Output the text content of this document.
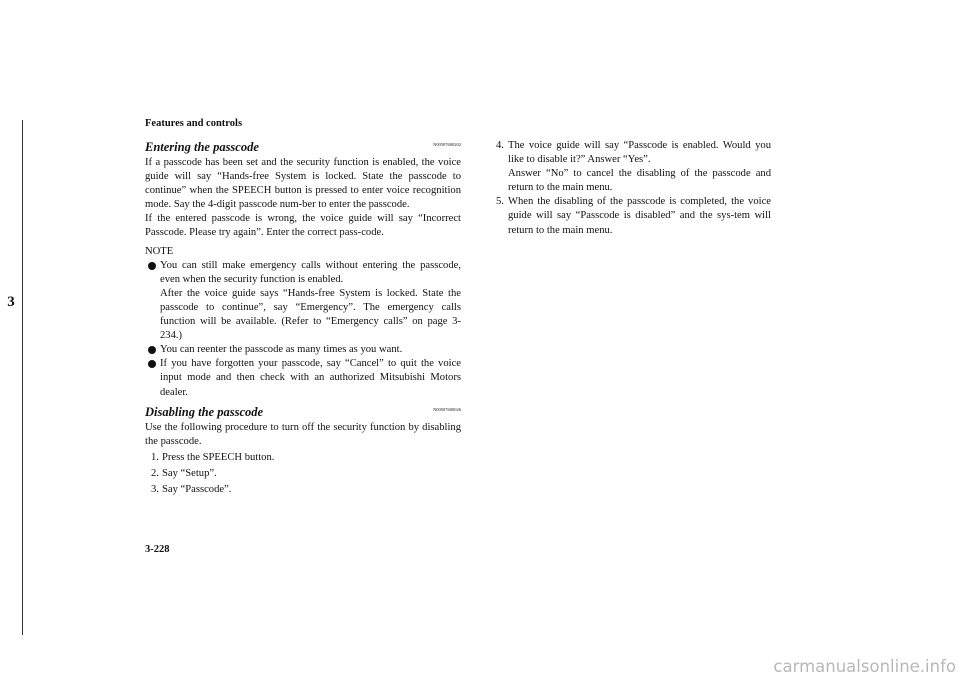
Features and controls
3
Entering the passcode	N00507600202

If a passcode has been set and the security function is enabled, the voice guide will say “Hands-free System is locked. State the passcode to continue” when the SPEECH button is pressed to enter voice recognition mode. Say the 4-digit passcode num-ber to enter the passcode.

If the entered passcode is wrong, the voice guide will say “Incorrect Passcode. Please try again”. Enter the correct pass-code.

NOTE

You can still make emergency calls without entering the passcode, even when the security function is enabled.

After the voice guide says “Hands-free System is locked. State the passcode to continue”, say “Emergency”. The emergency calls function will be available. (Refer to “Emergency calls” on page 3-234.)

You can reenter the passcode as many times as you want.

If you have forgotten your passcode, say “Cancel” to quit the voice input mode and then check with an authorized Mitsubishi Motors dealer.

Disabling the passcode	N00507600026

Use the following procedure to turn off the security function by disabling the passcode.

1. Press the SPEECH button.
2. Say “Setup”.
3. Say “Passcode”.
4. The voice guide will say “Passcode is enabled. Would you like to disable it?” Answer “Yes”.

Answer “No” to cancel the disabling of the passcode and return to the main menu.

5. When the disabling of the passcode is completed, the voice guide will say “Passcode is disabled” and the sys-tem will return to the main menu.

3-228
carmanualsonline.info
